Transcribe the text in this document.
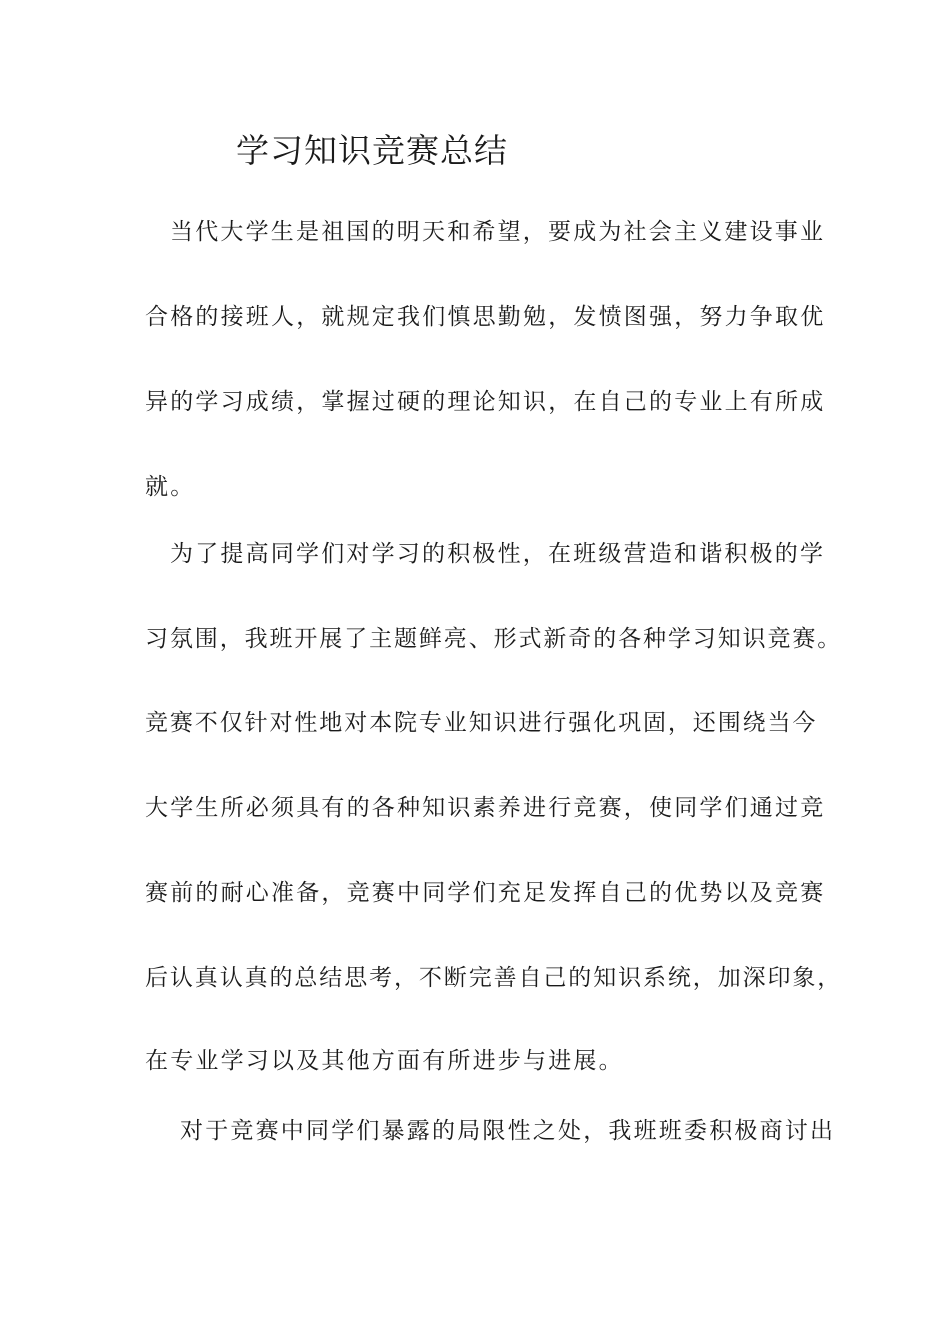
学习知识竞赛总结

当代大学生是祖国的明天和希望，要成为社会主义建设事业

合格的接班人，就规定我们慎思勤勉，发愤图强，努力争取优

异的学习成绩，掌握过硬的理论知识，在自己的专业上有所成

就。

为了提高同学们对学习的积极性，在班级营造和谐积极的学

习氛围，我班开展了主题鲜亮、形式新奇的各种学习知识竞赛。

竞赛不仅针对性地对本院专业知识进行强化巩固，还围绕当今

大学生所必须具有的各种知识素养进行竞赛，使同学们通过竞

赛前的耐心准备，竞赛中同学们充足发挥自己的优势以及竞赛

后认真认真的总结思考，不断完善自己的知识系统，加深印象，

在专业学习以及其他方面有所进步与进展。

对于竞赛中同学们暴露的局限性之处，我班班委积极商讨出
